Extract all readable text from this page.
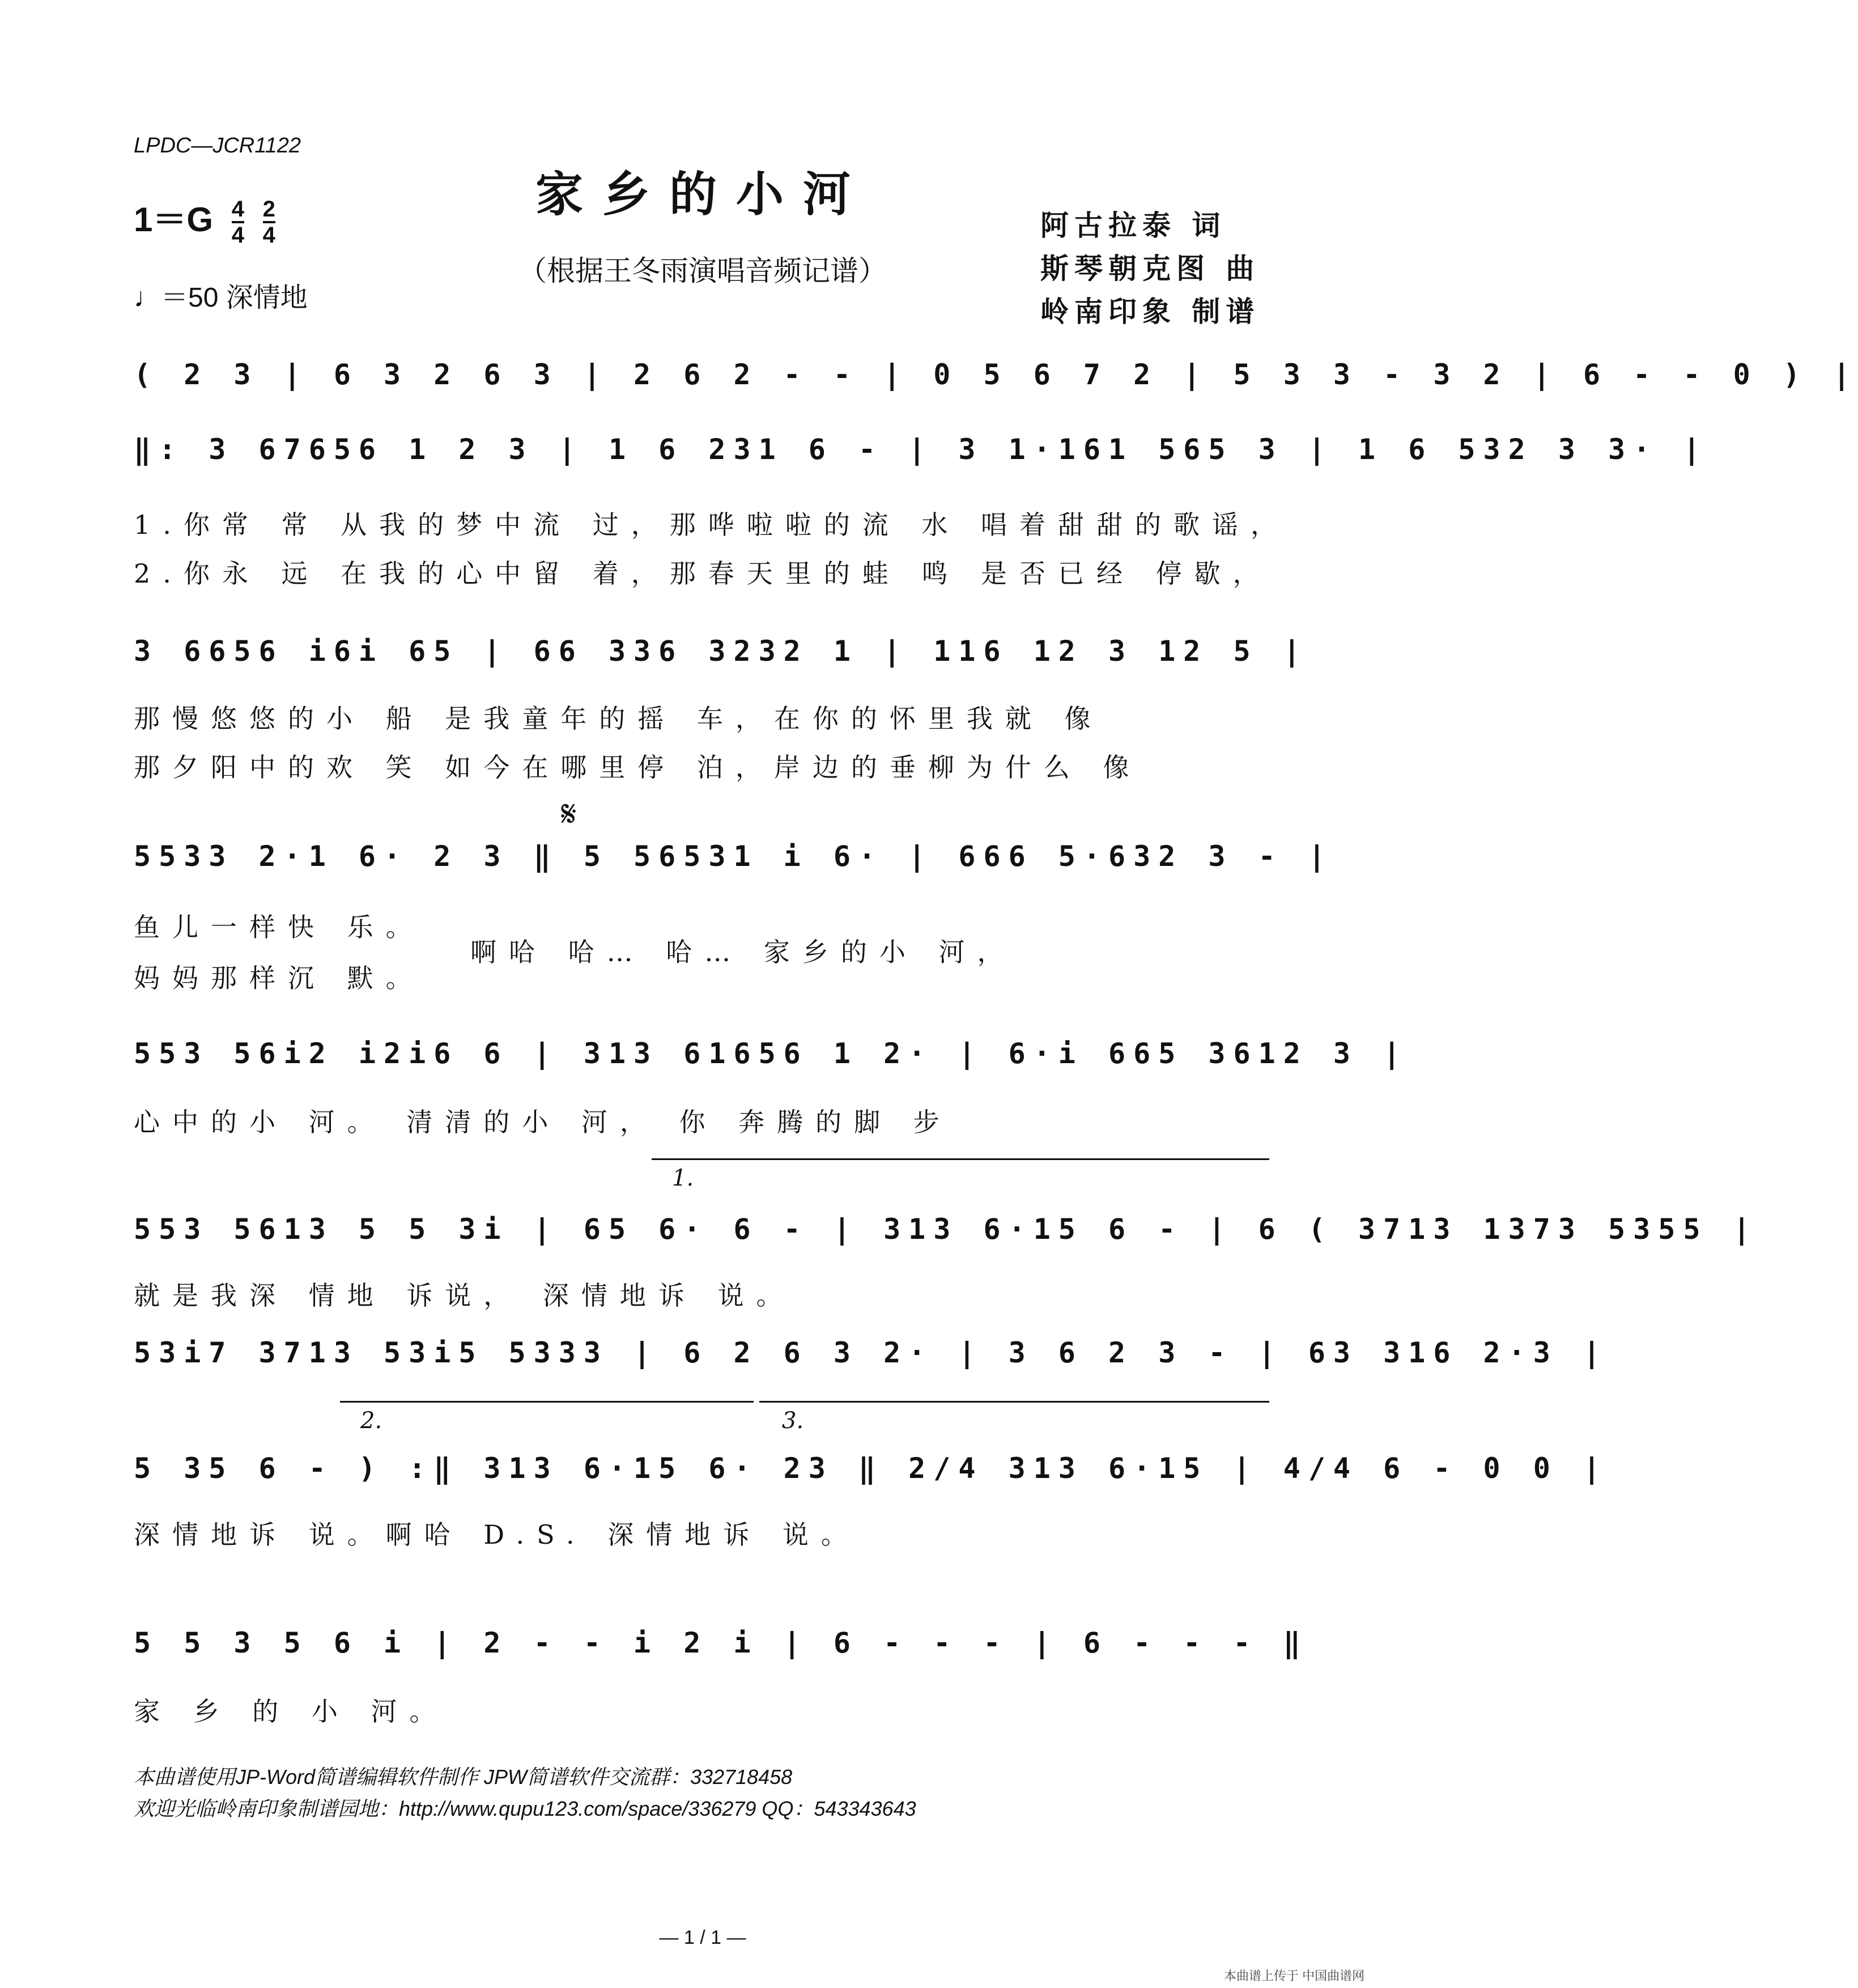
LPDC—JCR1122
家乡的小河
（根据王冬雨演唱音频记谱）
$1=G \frac{4}{4}$
$\frac{2}{4}$
♩＝50 深情地
阿古拉泰 词
斯琴朝克图 曲
岭南印象 制谱
( 2 3 | 6 3 2 6 3 | 2 6 2 - - | 0 5 6 7 2 | 5 3 3 - 3 2 | 6 - - 0 ) |
‖: 3 67656 1 2 3 | 1 6 231 6 - | 3 1·161 565 3 | 1 6 532 3 3· |
1.你常 常 从我的梦中流 过，那哗啦啦的流 水 唱着甜甜的歌谣，
2.你永 远 在我的心中留 着，那春天里的蛙 鸣 是否已经 停歇，
3 6656 i6i 65 | 66 336 3232 1 | 116 12 3 12 5 |
那慢悠悠的小 船 是我童年的摇 车，在你的怀里我就 像
那夕阳中的欢 笑 如今在哪里停 泊，岸边的垂柳为什么 像
𝄋
5533 2·1 6· 2 3 ‖ 5 56531 i 6· | 666 5·632 3 - |
鱼儿一样快 乐。
妈妈那样沉 默。
啊哈 哈… 哈… 家乡的小 河，
553 56i2 i2i6 6 | 313 61656 1 2· | 6·i 665 3612 3 |
心中的小 河。 清清的小 河， 你 奔腾的脚 步
1.
553 5613 5 5 3i | 65 6· 6 - | 313 6·15 6 - | 6 ( 3713 1373 5355 |
就是我深 情地 诉说， 深情地诉 说。
53i7 3713 53i5 5333 | 6 2 6 3 2· | 3 6 2 3 - | 63 316 2·3 |
2.	3.
5 35 6 - ) :‖ 313 6·15 6· 23 ‖ 2/4 313 6·15 | 4/4 6 - 0 0 |
深情地诉 说。啊哈 D.S. 深情地诉 说。
5 5 3 5 6 i | 2 - - i 2 i | 6 - - - | 6 - - - ‖
家 乡 的 小 河。
本曲谱使用JP-Word简谱编辑软件制作 JPW简谱软件交流群：332718458
欢迎光临岭南印象制谱园地：http://www.qupu123.com/space/336279 QQ：543343643
— 1 / 1 —
本曲谱上传于 中国曲谱网
